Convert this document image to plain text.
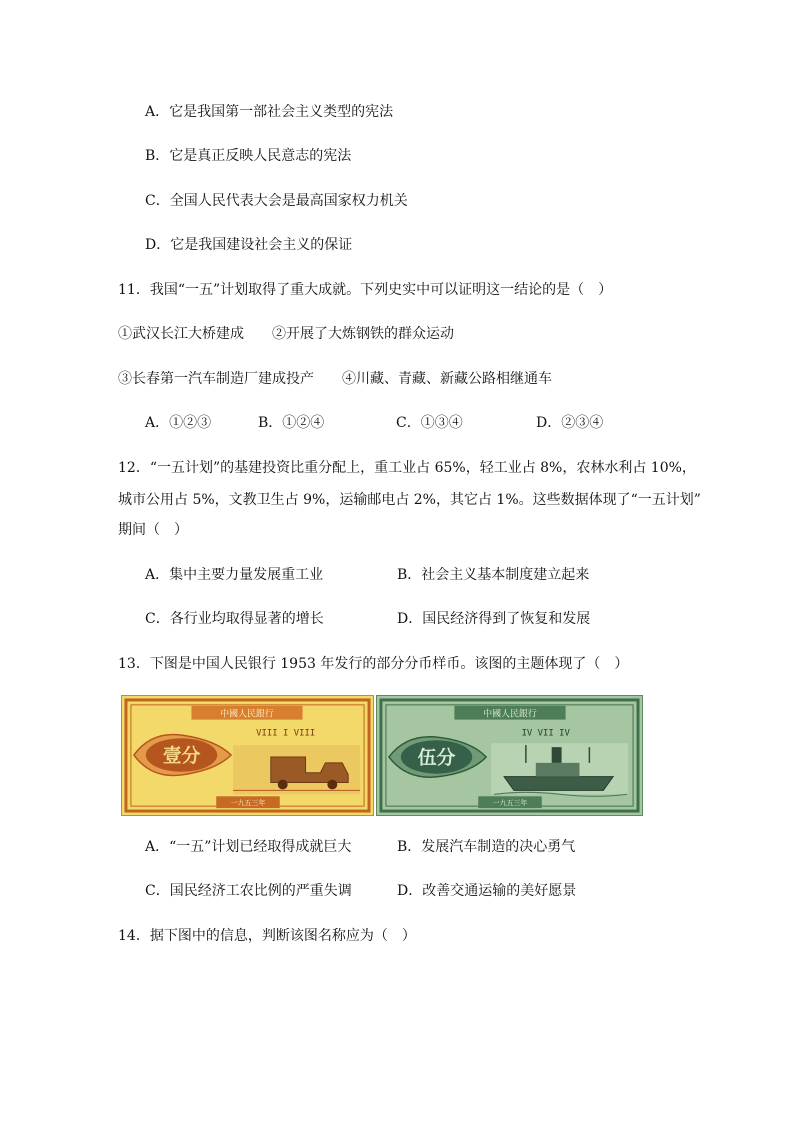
A．它是我国第一部社会主义类型的宪法
B．它是真正反映人民意志的宪法
C．全国人民代表大会是最高国家权力机关
D．它是我国建设社会主义的保证
11．我国“一五”计划取得了重大成就。下列史实中可以证明这一结论的是（　）
①武汉长江大桥建成　　②开展了大炼钢铁的群众运动
③长春第一汽车制造厂建成投产　　④川藏、青藏、新藏公路相继通车
A．①②③	B．①②④	C．①③④	D．②③④
12．“一五计划”的基建投资比重分配上，重工业占 65%，轻工业占 8%，农林水利占 10%，
城市公用占 5%，文教卫生占 9%，运输邮电占 2%，其它占 1%。这些数据体现了“一五计划”
期间（　）
A．集中主要力量发展重工业	B．社会主义基本制度建立起来
C．各行业均取得显著的增长	D．国民经济得到了恢复和发展
13．下图是中国人民银行 1953 年发行的部分分币样币。该图的主题体现了（　）
中國人民銀行
壹分
VIII I VIII
一九五三年
中國人民銀行
伍分
IV VII IV
一九五三年
A．“一五”计划已经取得成就巨大	B．发展汽车制造的决心勇气
C．国民经济工农比例的严重失调	D．改善交通运输的美好愿景
14．据下图中的信息，判断该图名称应为（　）
